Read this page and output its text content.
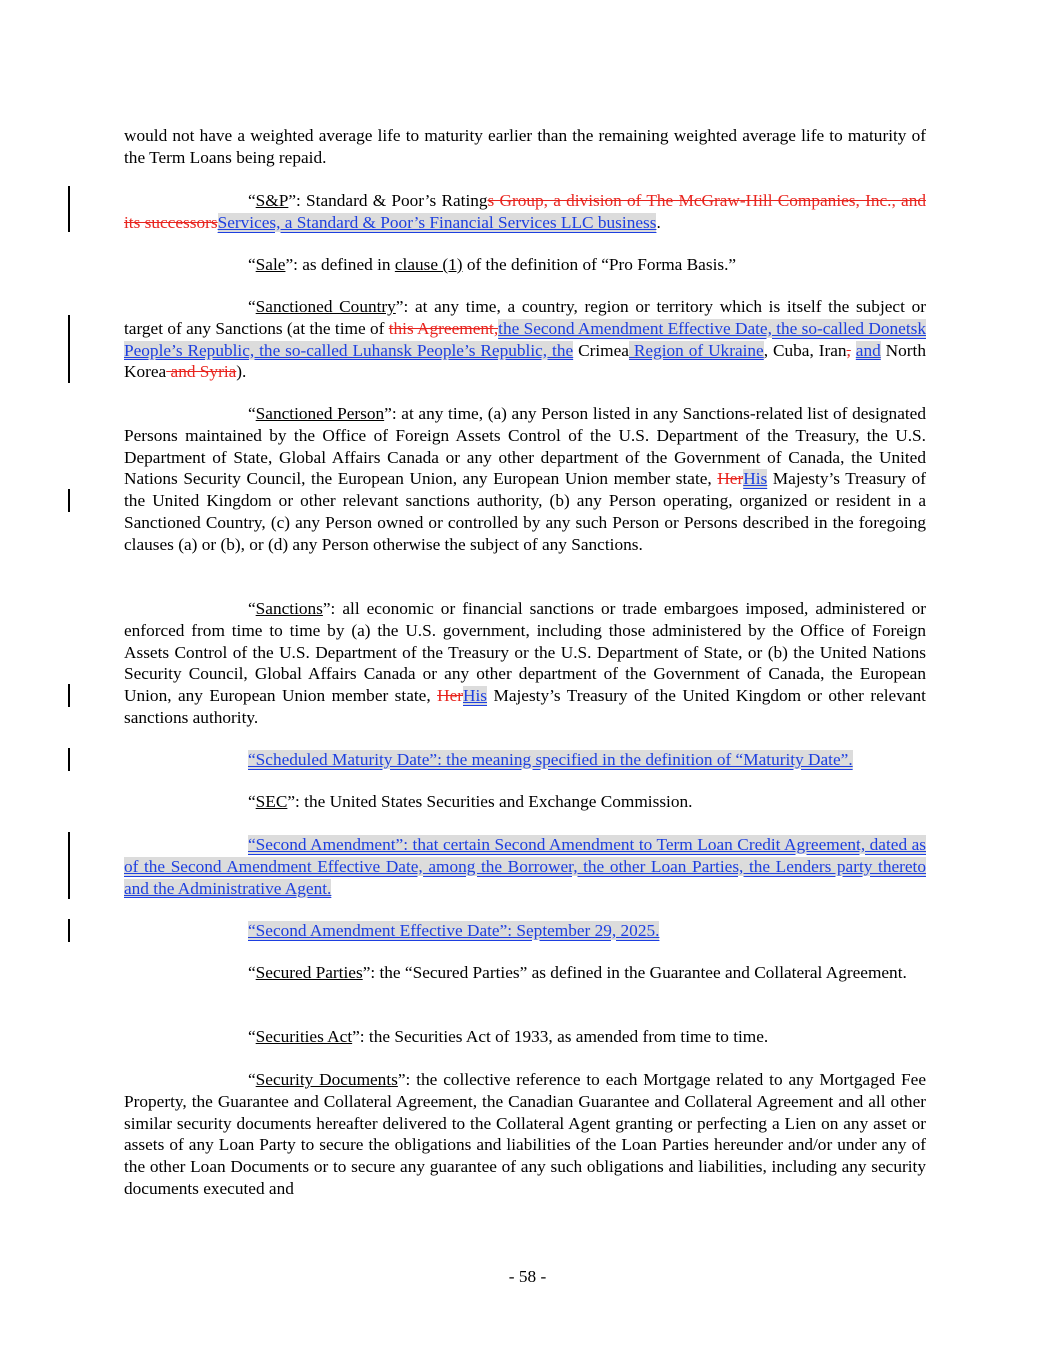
would not have a weighted average life to maturity earlier than the remaining weighted average life to maturity of the Term Loans being repaid.

“S&P”: Standard & Poor’s Ratings Group, a division of The McGraw-Hill Companies, Inc., and its successorsServices, a Standard & Poor’s Financial Services LLC business.

“Sale”: as defined in clause (1) of the definition of “Pro Forma Basis.”

“Sanctioned Country”: at any time, a country, region or territory which is itself the subject or target of any Sanctions (at the time of this Agreement,the Second Amendment Effective Date, the so-called Donetsk People’s Republic, the so-called Luhansk People’s Republic, the Crimea Region of Ukraine, Cuba, Iran, and North Korea and Syria).

“Sanctioned Person”: at any time, (a) any Person listed in any Sanctions-related list of designated Persons maintained by the Office of Foreign Assets Control of the U.S. Department of the Treasury, the U.S. Department of State, Global Affairs Canada or any other department of the Government of Canada, the United Nations Security Council, the European Union, any European Union member state, HerHis Majesty’s Treasury of the United Kingdom or other relevant sanctions authority, (b) any Person operating, organized or resident in a Sanctioned Country, (c) any Person owned or controlled by any such Person or Persons described in the foregoing clauses (a) or (b), or (d) any Person otherwise the subject of any Sanctions.

“Sanctions”: all economic or financial sanctions or trade embargoes imposed, administered or enforced from time to time by (a) the U.S. government, including those administered by the Office of Foreign Assets Control of the U.S. Department of the Treasury or the U.S. Department of State, or (b) the United Nations Security Council, Global Affairs Canada or any other department of the Government of Canada, the European Union, any European Union member state, HerHis Majesty’s Treasury of the United Kingdom or other relevant sanctions authority.

“Scheduled Maturity Date”: the meaning specified in the definition of “Maturity Date”.

“SEC”: the United States Securities and Exchange Commission.

“Second Amendment”: that certain Second Amendment to Term Loan Credit Agreement, dated as of the Second Amendment Effective Date, among the Borrower, the other Loan Parties, the Lenders party thereto and the Administrative Agent.

“Second Amendment Effective Date”: September 29, 2025.

“Secured Parties”: the “Secured Parties” as defined in the Guarantee and Collateral Agreement.

“Securities Act”: the Securities Act of 1933, as amended from time to time.

“Security Documents”: the collective reference to each Mortgage related to any Mortgaged Fee Property, the Guarantee and Collateral Agreement, the Canadian Guarantee and Collateral Agreement and all other similar security documents hereafter delivered to the Collateral Agent granting or perfecting a Lien on any asset or assets of any Loan Party to secure the obligations and liabilities of the Loan Parties hereunder and/or under any of the other Loan Documents or to secure any guarantee of any such obligations and liabilities, including any security documents executed and

- 58 -
